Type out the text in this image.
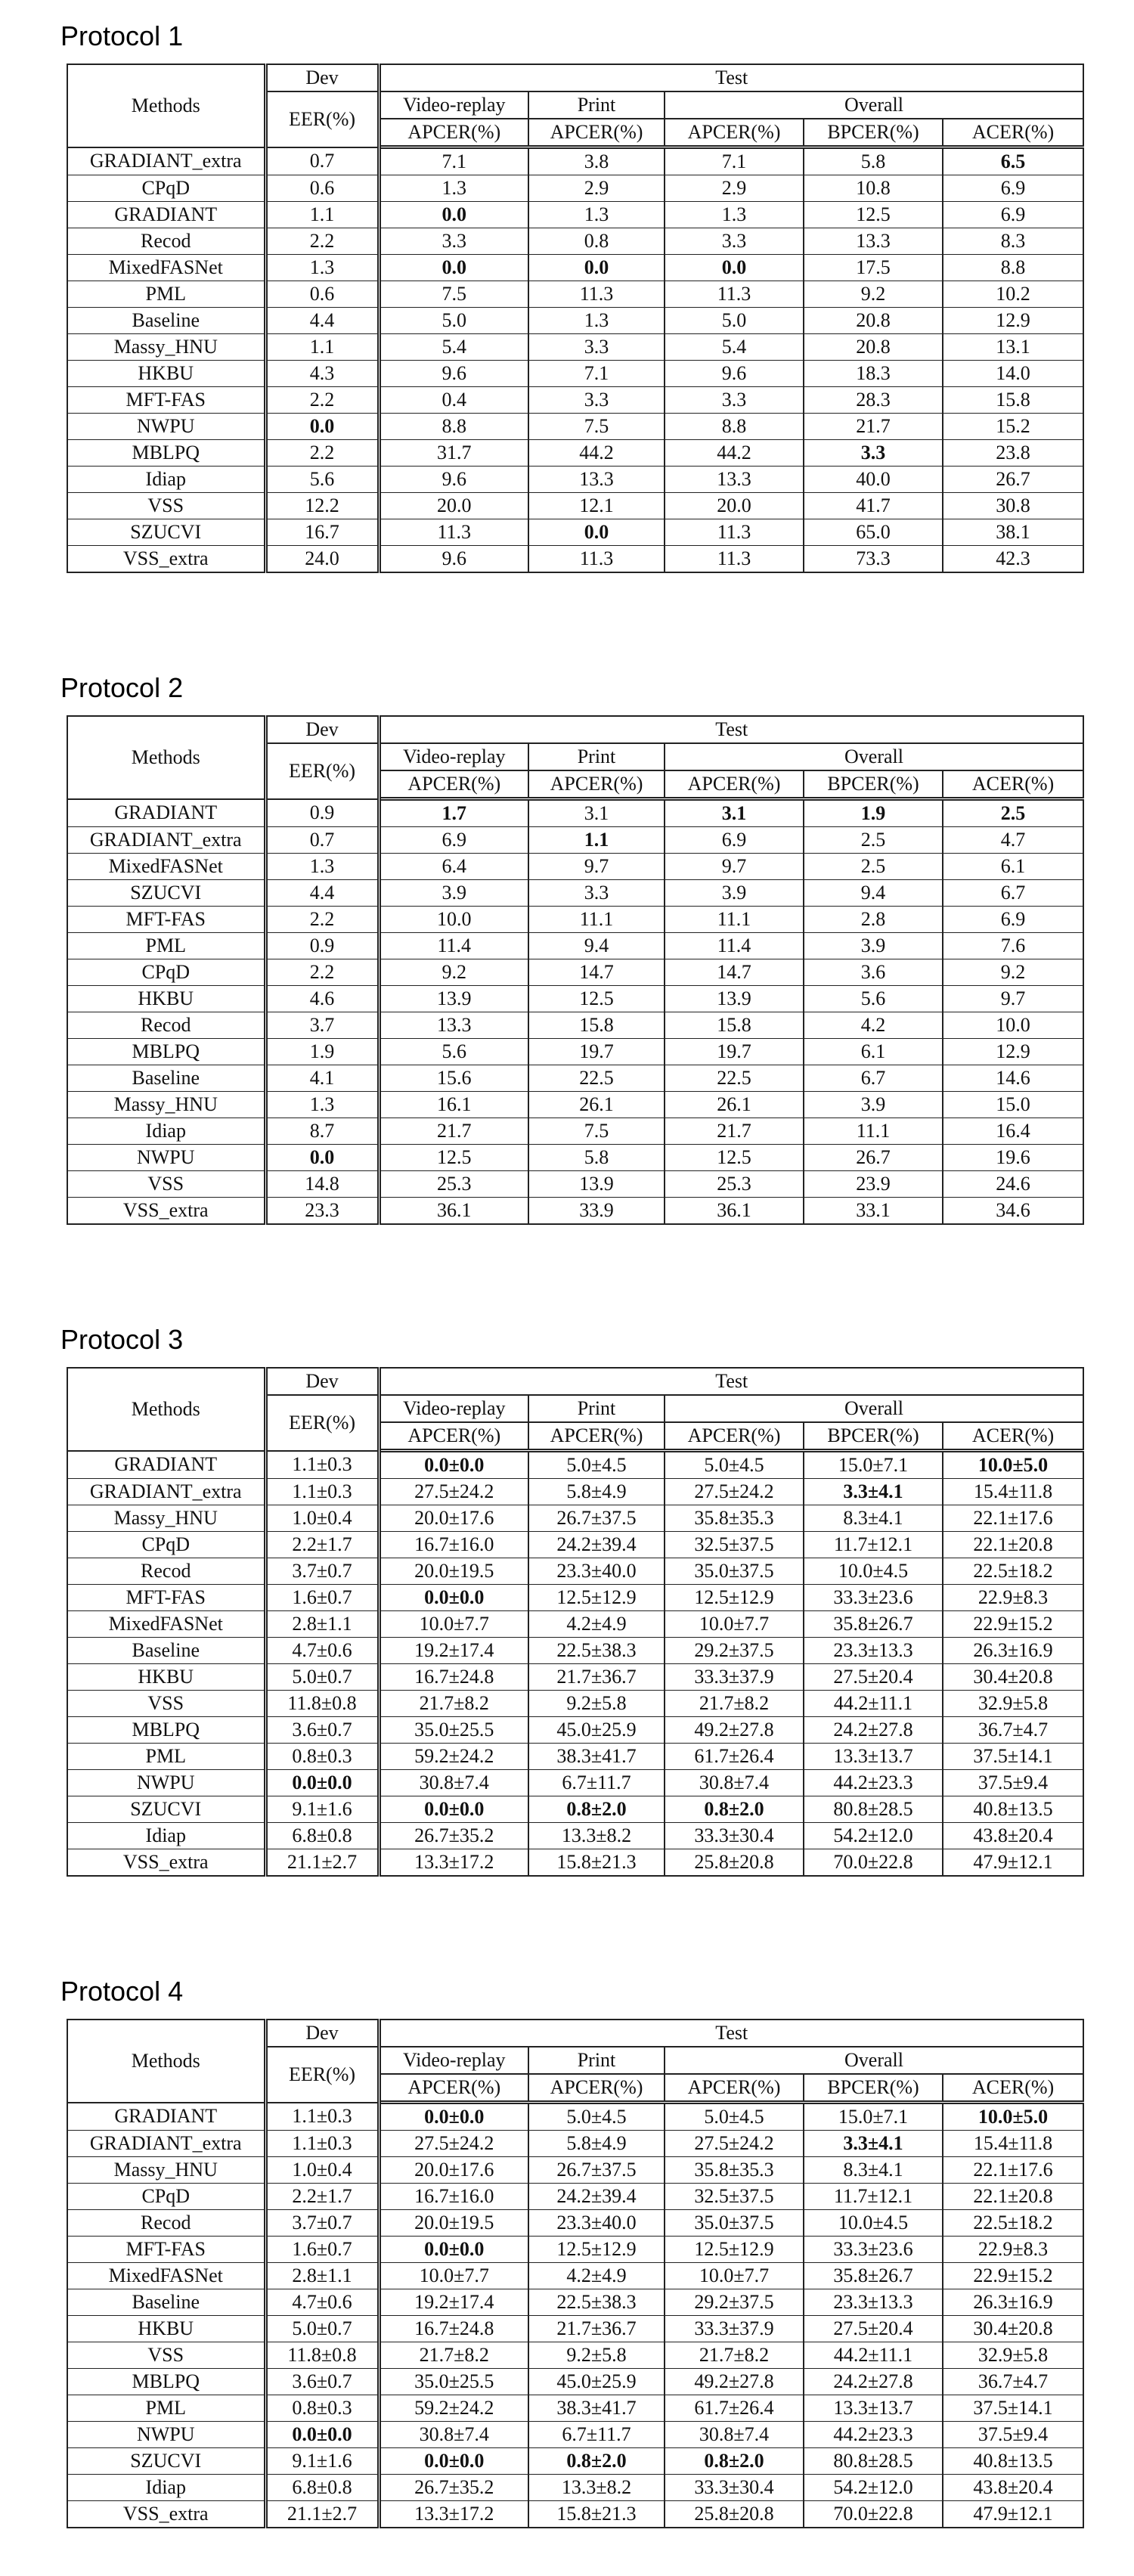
Protocol 1
Methods	Dev	Test				
	EER(%)	Video-replay	Print	Overall		
		APCER(%)	APCER(%)	APCER(%)	BPCER(%)	ACER(%)
GRADIANT_extra	0.7	7.1	3.8	7.1	5.8	6.5
CPqD	0.6	1.3	2.9	2.9	10.8	6.9
GRADIANT	1.1	0.0	1.3	1.3	12.5	6.9
Recod	2.2	3.3	0.8	3.3	13.3	8.3
MixedFASNet	1.3	0.0	0.0	0.0	17.5	8.8
PML	0.6	7.5	11.3	11.3	9.2	10.2
Baseline	4.4	5.0	1.3	5.0	20.8	12.9
Massy_HNU	1.1	5.4	3.3	5.4	20.8	13.1
HKBU	4.3	9.6	7.1	9.6	18.3	14.0
MFT-FAS	2.2	0.4	3.3	3.3	28.3	15.8
NWPU	0.0	8.8	7.5	8.8	21.7	15.2
MBLPQ	2.2	31.7	44.2	44.2	3.3	23.8
Idiap	5.6	9.6	13.3	13.3	40.0	26.7
VSS	12.2	20.0	12.1	20.0	41.7	30.8
SZUCVI	16.7	11.3	0.0	11.3	65.0	38.1
VSS_extra	24.0	9.6	11.3	11.3	73.3	42.3
Protocol 2
Methods	Dev	Test				
	EER(%)	Video-replay	Print	Overall		
		APCER(%)	APCER(%)	APCER(%)	BPCER(%)	ACER(%)
GRADIANT	0.9	1.7	3.1	3.1	1.9	2.5
GRADIANT_extra	0.7	6.9	1.1	6.9	2.5	4.7
MixedFASNet	1.3	6.4	9.7	9.7	2.5	6.1
SZUCVI	4.4	3.9	3.3	3.9	9.4	6.7
MFT-FAS	2.2	10.0	11.1	11.1	2.8	6.9
PML	0.9	11.4	9.4	11.4	3.9	7.6
CPqD	2.2	9.2	14.7	14.7	3.6	9.2
HKBU	4.6	13.9	12.5	13.9	5.6	9.7
Recod	3.7	13.3	15.8	15.8	4.2	10.0
MBLPQ	1.9	5.6	19.7	19.7	6.1	12.9
Baseline	4.1	15.6	22.5	22.5	6.7	14.6
Massy_HNU	1.3	16.1	26.1	26.1	3.9	15.0
Idiap	8.7	21.7	7.5	21.7	11.1	16.4
NWPU	0.0	12.5	5.8	12.5	26.7	19.6
VSS	14.8	25.3	13.9	25.3	23.9	24.6
VSS_extra	23.3	36.1	33.9	36.1	33.1	34.6
Protocol 3
Methods	Dev	Test				
	EER(%)	Video-replay	Print	Overall		
		APCER(%)	APCER(%)	APCER(%)	BPCER(%)	ACER(%)
GRADIANT	1.1±0.3	0.0±0.0	5.0±4.5	5.0±4.5	15.0±7.1	10.0±5.0
GRADIANT_extra	1.1±0.3	27.5±24.2	5.8±4.9	27.5±24.2	3.3±4.1	15.4±11.8
Massy_HNU	1.0±0.4	20.0±17.6	26.7±37.5	35.8±35.3	8.3±4.1	22.1±17.6
CPqD	2.2±1.7	16.7±16.0	24.2±39.4	32.5±37.5	11.7±12.1	22.1±20.8
Recod	3.7±0.7	20.0±19.5	23.3±40.0	35.0±37.5	10.0±4.5	22.5±18.2
MFT-FAS	1.6±0.7	0.0±0.0	12.5±12.9	12.5±12.9	33.3±23.6	22.9±8.3
MixedFASNet	2.8±1.1	10.0±7.7	4.2±4.9	10.0±7.7	35.8±26.7	22.9±15.2
Baseline	4.7±0.6	19.2±17.4	22.5±38.3	29.2±37.5	23.3±13.3	26.3±16.9
HKBU	5.0±0.7	16.7±24.8	21.7±36.7	33.3±37.9	27.5±20.4	30.4±20.8
VSS	11.8±0.8	21.7±8.2	9.2±5.8	21.7±8.2	44.2±11.1	32.9±5.8
MBLPQ	3.6±0.7	35.0±25.5	45.0±25.9	49.2±27.8	24.2±27.8	36.7±4.7
PML	0.8±0.3	59.2±24.2	38.3±41.7	61.7±26.4	13.3±13.7	37.5±14.1
NWPU	0.0±0.0	30.8±7.4	6.7±11.7	30.8±7.4	44.2±23.3	37.5±9.4
SZUCVI	9.1±1.6	0.0±0.0	0.8±2.0	0.8±2.0	80.8±28.5	40.8±13.5
Idiap	6.8±0.8	26.7±35.2	13.3±8.2	33.3±30.4	54.2±12.0	43.8±20.4
VSS_extra	21.1±2.7	13.3±17.2	15.8±21.3	25.8±20.8	70.0±22.8	47.9±12.1
Protocol 4
Methods	Dev	Test				
	EER(%)	Video-replay	Print	Overall		
		APCER(%)	APCER(%)	APCER(%)	BPCER(%)	ACER(%)
GRADIANT	1.1±0.3	0.0±0.0	5.0±4.5	5.0±4.5	15.0±7.1	10.0±5.0
GRADIANT_extra	1.1±0.3	27.5±24.2	5.8±4.9	27.5±24.2	3.3±4.1	15.4±11.8
Massy_HNU	1.0±0.4	20.0±17.6	26.7±37.5	35.8±35.3	8.3±4.1	22.1±17.6
CPqD	2.2±1.7	16.7±16.0	24.2±39.4	32.5±37.5	11.7±12.1	22.1±20.8
Recod	3.7±0.7	20.0±19.5	23.3±40.0	35.0±37.5	10.0±4.5	22.5±18.2
MFT-FAS	1.6±0.7	0.0±0.0	12.5±12.9	12.5±12.9	33.3±23.6	22.9±8.3
MixedFASNet	2.8±1.1	10.0±7.7	4.2±4.9	10.0±7.7	35.8±26.7	22.9±15.2
Baseline	4.7±0.6	19.2±17.4	22.5±38.3	29.2±37.5	23.3±13.3	26.3±16.9
HKBU	5.0±0.7	16.7±24.8	21.7±36.7	33.3±37.9	27.5±20.4	30.4±20.8
VSS	11.8±0.8	21.7±8.2	9.2±5.8	21.7±8.2	44.2±11.1	32.9±5.8
MBLPQ	3.6±0.7	35.0±25.5	45.0±25.9	49.2±27.8	24.2±27.8	36.7±4.7
PML	0.8±0.3	59.2±24.2	38.3±41.7	61.7±26.4	13.3±13.7	37.5±14.1
NWPU	0.0±0.0	30.8±7.4	6.7±11.7	30.8±7.4	44.2±23.3	37.5±9.4
SZUCVI	9.1±1.6	0.0±0.0	0.8±2.0	0.8±2.0	80.8±28.5	40.8±13.5
Idiap	6.8±0.8	26.7±35.2	13.3±8.2	33.3±30.4	54.2±12.0	43.8±20.4
VSS_extra	21.1±2.7	13.3±17.2	15.8±21.3	25.8±20.8	70.0±22.8	47.9±12.1
